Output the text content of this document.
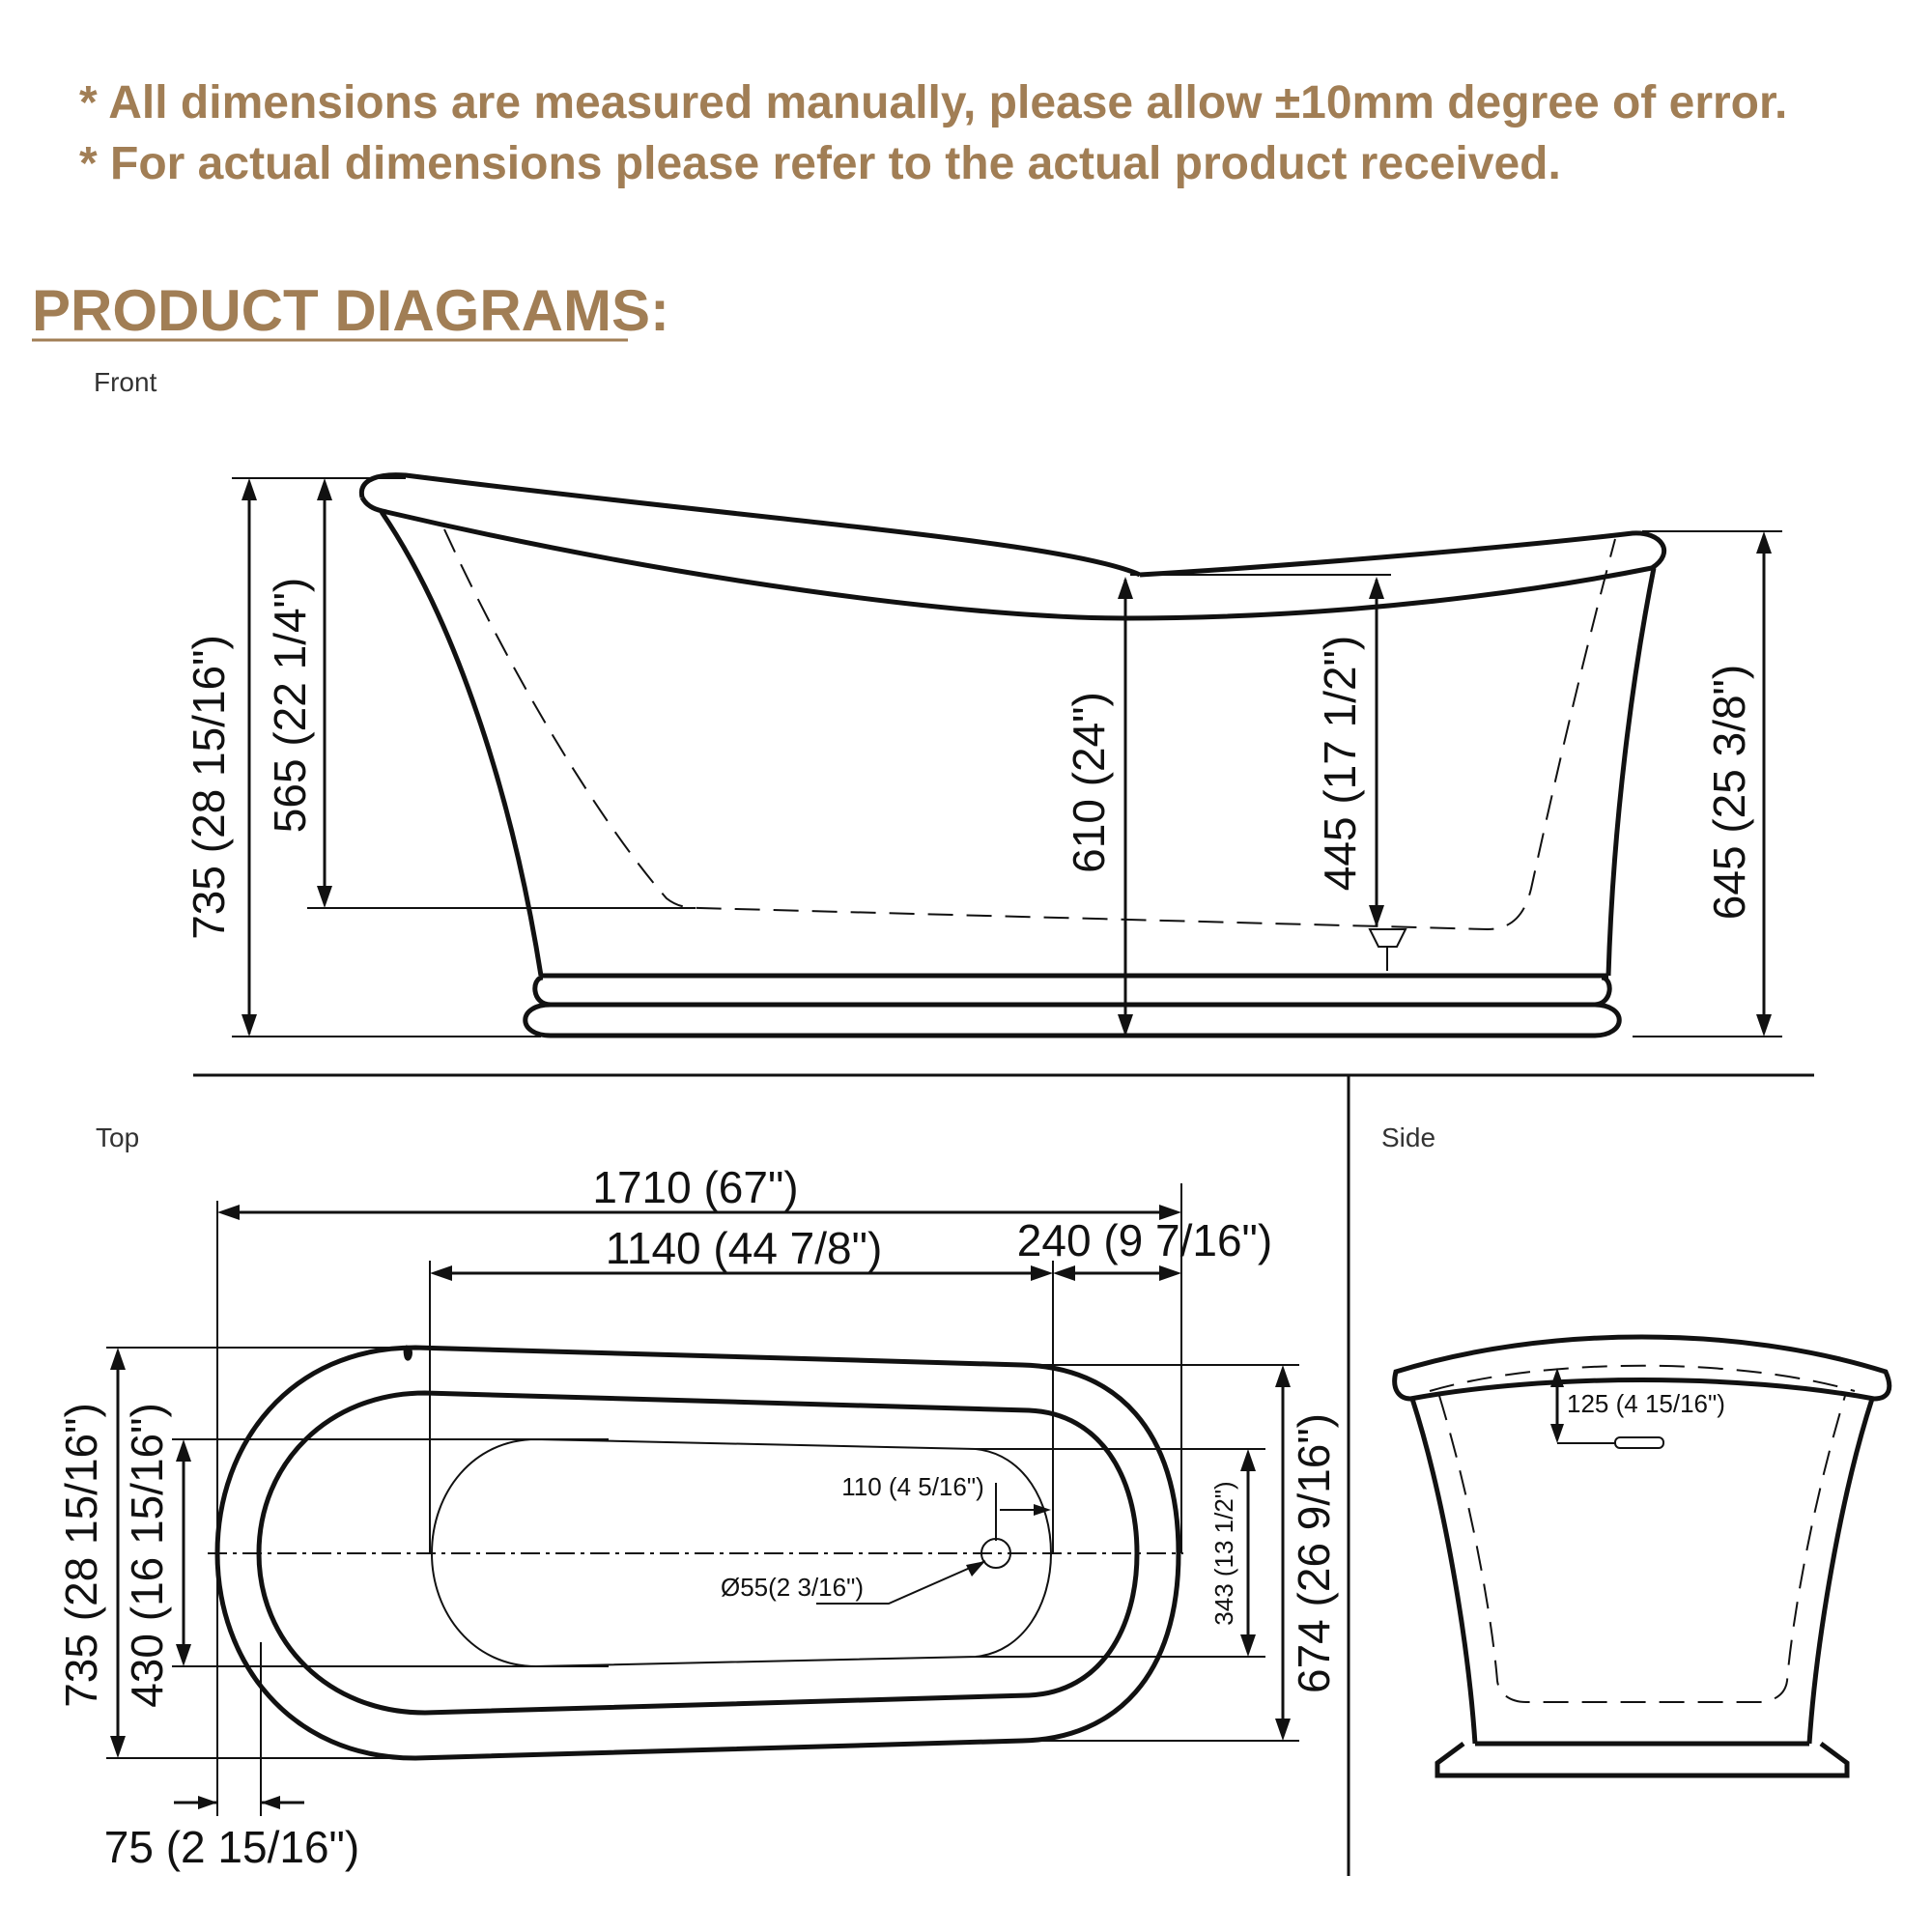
* All dimensions are measured manually, please allow ±10mm degree of error.
* For actual dimensions please refer to the actual product received.
PRODUCT DIAGRAMS:
Front
735 (28 15/16") 565 (22 1/4")	610 (24")	445 (17 1/2")	645 (25 3/8")
Top
1710 (67")
1140 (44 7/8")	240 (9 7/16")
735 (28 15/16") 430 (16 15/16")
75 (2 15/16")
110 (4 5/16")
Ø55(2 3/16")	343 (13 1/2") 674 (26 9/16")
Side
125 (4 15/16")
